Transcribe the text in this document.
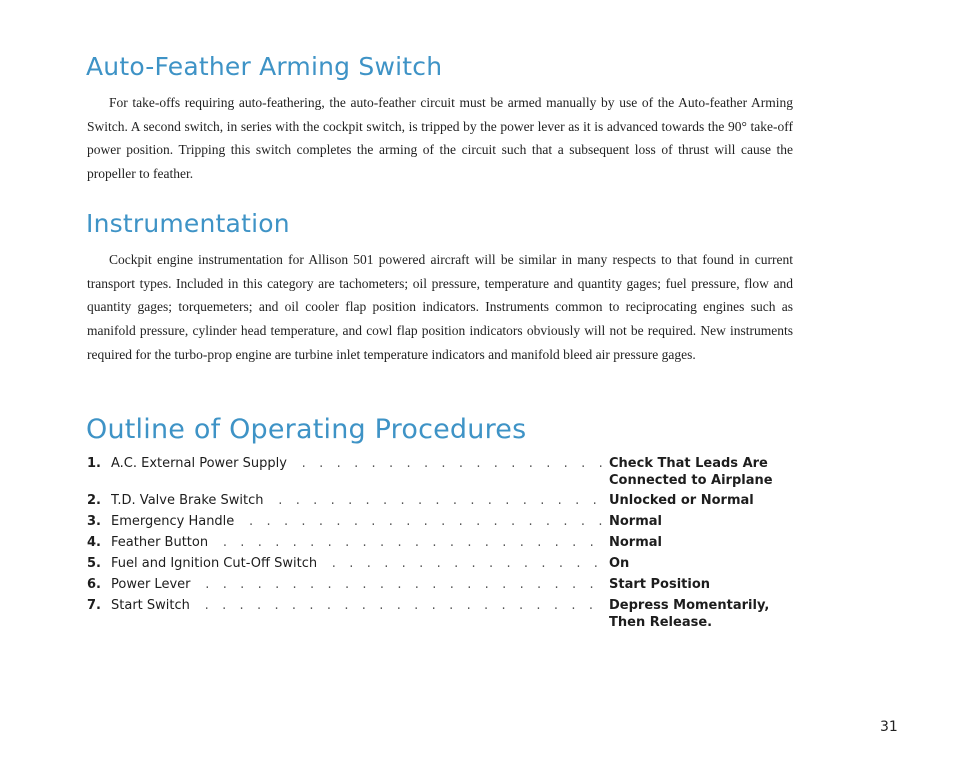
Auto-Feather Arming Switch

For take-offs requiring auto-feathering, the auto-feather circuit must be armed manually by use of the Auto-feather Arming Switch. A second switch, in series with the cockpit switch, is tripped by the power lever as it is advanced towards the 90° take-off power position. Tripping this switch completes the arming of the circuit such that a subsequent loss of thrust will cause the propeller to feather.

Instrumentation

Cockpit engine instrumentation for Allison 501 powered aircraft will be similar in many respects to that found in current transport types. Included in this category are tachometers; oil pressure, temperature and quantity gages; fuel pressure, flow and quantity gages; torquemeters; and oil cooler flap position indicators. Instruments common to reciprocating engines such as manifold pressure, cylinder head temperature, and cowl flap position indicators obviously will not be required. New instruments required for the turbo-prop engine are turbine inlet temperature indicators and manifold bleed air pressure gages.

Outline of Operating Procedures
1. A.C. External Power Supply . . .	Check That Leads Are Connected to Airplane
2. T.D. Valve Brake Switch . . .	Unlocked or Normal
3. Emergency Handle . . .	Normal
4. Feather Button . . .	Normal
5. Fuel and Ignition Cut-Off Switch . . .	On
6. Power Lever . . .	Start Position
7. Start Switch . . .	Depress Momentarily, Then Release.
31
